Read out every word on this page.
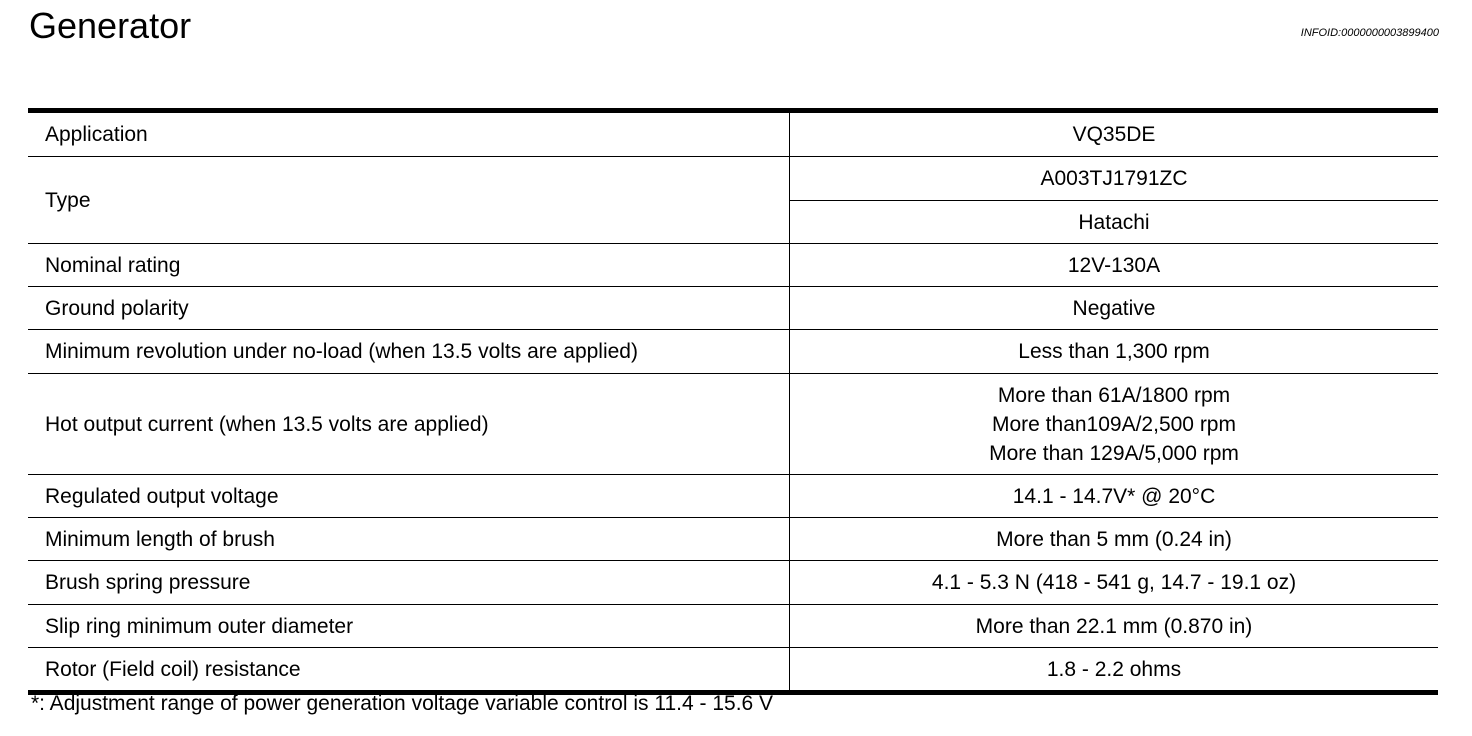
Generator	INFOID:0000000003899400
Application	VQ35DE
Type	A003TJ1791ZC
	Hatachi
Nominal rating	12V-130A
Ground polarity	Negative
Minimum revolution under no-load (when 13.5 volts are applied)	Less than 1,300 rpm
Hot output current (when 13.5 volts are applied)	More than 61A/1800 rpm
More than109A/2,500 rpm
More than 129A/5,000 rpm

Regulated output voltage	14.1 - 14.7V* @ 20°C
Minimum length of brush	More than 5 mm (0.24 in)
Brush spring pressure	4.1 - 5.3 N (418 - 541 g, 14.7 - 19.1 oz)
Slip ring minimum outer diameter	More than 22.1 mm (0.870 in)
Rotor (Field coil) resistance	1.8 - 2.2 ohms

*: Adjustment range of power generation voltage variable control is 11.4 - 15.6 V
